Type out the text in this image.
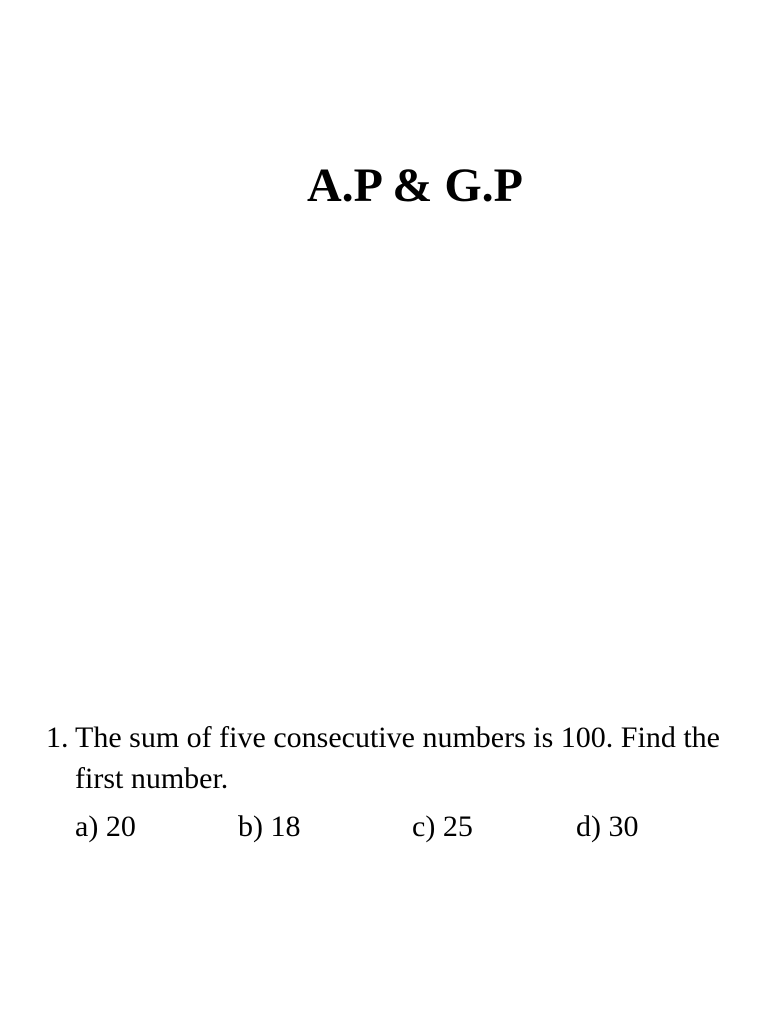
A.P & G.P
1. The sum of five consecutive numbers is 100. Find the first number.
a) 20	b) 18	c) 25	d) 30
